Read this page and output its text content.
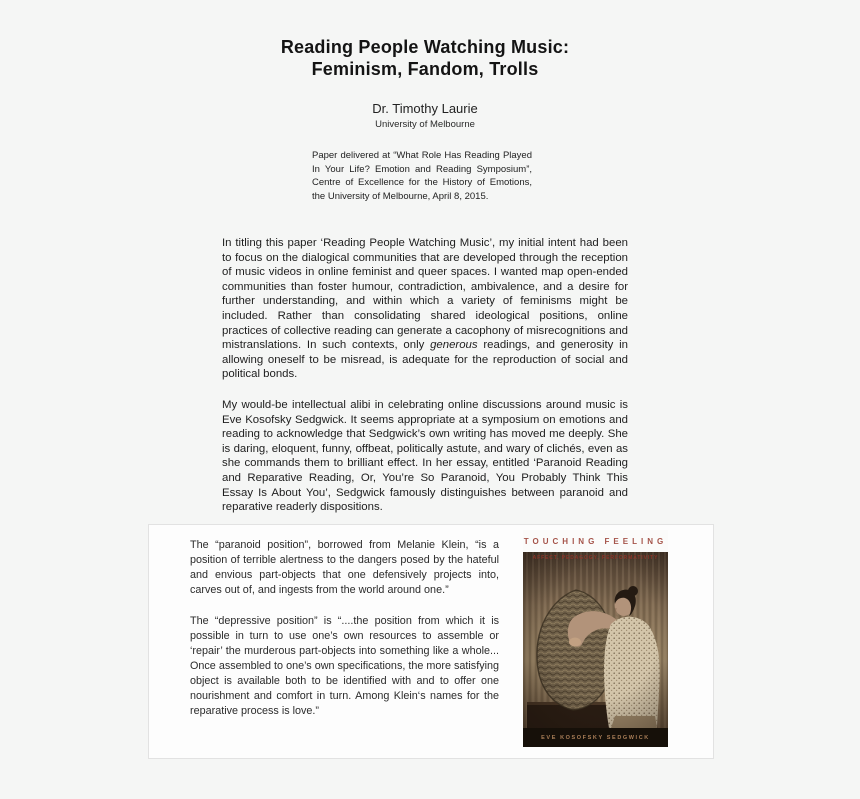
Reading People Watching Music:
Feminism, Fandom, Trolls
Dr. Timothy Laurie
University of Melbourne
Paper delivered at “What Role Has Reading Played In Your Life? Emotion and Reading Symposium”, Centre of Excellence for the History of Emotions, the University of Melbourne, April 8, 2015.

In titling this paper ‘Reading People Watching Music’, my initial intent had been to focus on the dialogical communities that are developed through the reception of music videos in online feminist and queer spaces. I wanted map open-ended communities than foster humour, contradiction, ambivalence, and a desire for further understanding, and within which a variety of feminisms might be included. Rather than consolidating shared ideological positions, online practices of collective reading can generate a cacophony of misrecognitions and mistranslations. In such contexts, only generous readings, and generosity in allowing oneself to be misread, is adequate for the reproduction of social and political bonds.

My would-be intellectual alibi in celebrating online discussions around music is Eve Kosofsky Sedgwick. It seems appropriate at a symposium on emotions and reading to acknowledge that Sedgwick’s own writing has moved me deeply. She is daring, eloquent, funny, offbeat, politically astute, and wary of clichés, even as she commands them to brilliant effect. In her essay, entitled ‘Paranoid Reading and Reparative Reading, Or, You’re So Paranoid, You Probably Think This Essay Is About You’, Sedgwick famously distinguishes between paranoid and reparative readerly dispositions.

The “paranoid position”, borrowed from Melanie Klein, “is a position of terrible alertness to the dangers posed by the hateful and envious part-objects that one defensively projects into, carves out of, and ingests from the world around one.”
The “depressive position” is “....the position from which it is possible in turn to use one’s own resources to assemble or ‘repair’ the murderous part-objects into something like a whole... Once assembled to one’s own specifications, the more satisfying object is available both to be identified with and to offer one nourishment and comfort in turn. Among Klein‘s names for the reparative process is love.”
TOUCHING FEELING
AFFECT, PEDAGOGY, PERFORMATIVITY
EVE KOSOFSKY SEDGWICK
